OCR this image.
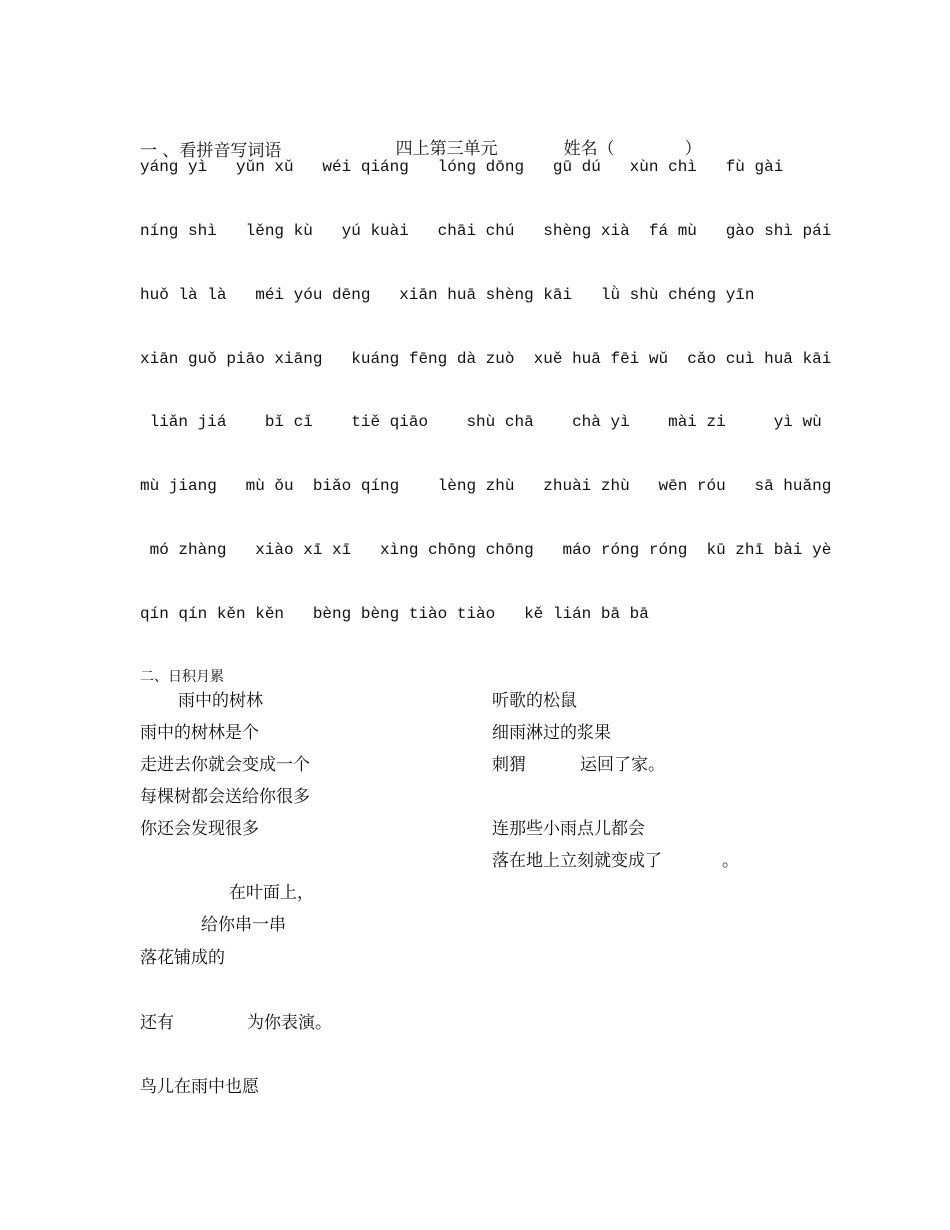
四上第三单元	姓名（	）

一 、看拼音写词语
yáng yì   yǔn xǔ   wéi qiáng   lóng dōng   gū dú   xùn chì   fù gài
níng shì   lěng kù   yú kuài   chāi chú   shèng xià  fá mù   gào shì pái
huǒ là là   méi yóu dēng   xiān huā shèng kāi   lǜ shù chéng yīn
xiān guǒ piāo xiāng   kuáng fēng dà zuò  xuě huā fēi wǔ  cǎo cuì huā kāi
liǎn jiá    bǐ cǐ    tiě qiāo    shù chā    chà yì    mài zi     yì wù
mù jiang   mù ǒu  biǎo qíng    lèng zhù   zhuài zhù   wēn róu   sā huǎng
mó zhàng   xiào xī xī   xìng chōng chōng   máo róng róng  kū zhī bài yè
qín qín kěn kěn   bèng bèng tiào tiào   kě lián bā bā
二、日积月累
雨中的树林
雨中的树林是个
走进去你就会变成一个
每棵树都会送给你很多
你还会发现很多
在叶面上，
给你串一串
落花铺成的
还有	为你表演。
鸟儿在雨中也愿
听歌的松鼠
细雨淋过的浆果
刺猬	运回了家。
连那些小雨点儿都会
落在地上立刻就变成了	。
